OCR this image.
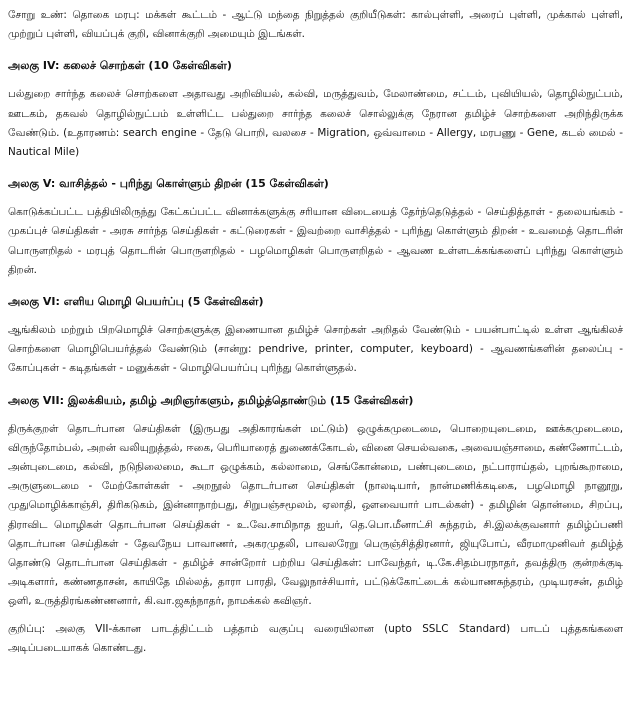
சோறு உண்: தொகை மரபு: மக்கள் கூட்டம் - ஆட்டு மந்தை நிறுத்தல் குறியீடுகள்: கால்புள்ளி, அரைப் புள்ளி, முக்கால் புள்ளி, முற்றுப் புள்ளி, வியப்புக் குறி, வினாக்குறி அமையும் இடங்கள்.

அலகு IV: கலைச் சொற்கள் (10 கேள்விகள்)

பல்துறை சார்ந்த கலைச் சொற்களை அதாவது அறிவியல், கல்வி, மருத்துவம், மேலாண்மை, சட்டம், புவியியல், தொழில்நுட்பம், ஊடகம், தகவல் தொழில்நுட்பம் உள்ளிட்ட பல்துறை சார்ந்த கலைச் சொல்லுக்கு நேரான தமிழ்ச் சொற்களை அறிந்திருக்க வேண்டும். (உதாரணம்: search engine - தேடு பொறி, வலசை - Migration, ஒவ்வாமை - Allergy, மரபணு - Gene, கடல் மைல் - Nautical Mile)

அலகு V: வாசித்தல் - புரிந்து கொள்ளும் திறன் (15 கேள்விகள்)

கொடுக்கப்பட்ட பத்தியிலிருந்து கேட்கப்பட்ட வினாக்களுக்கு சரியான விடையைத் தேர்ந்தெடுத்தல் - செய்தித்தாள் - தலையங்கம் - முகப்புச் செய்திகள் - அரசு சார்ந்த செய்திகள் - கட்டுரைகள் - இவற்றை வாசித்தல் - புரிந்து கொள்ளும் திறன் - உவமைத் தொடரின் பொருளறிதல் - மரபுத் தொடரின் பொருளறிதல் - பழமொழிகள் பொருளறிதல் - ஆவண உள்ளடக்கங்களைப் புரிந்து கொள்ளும் திறன்.

அலகு VI: எளிய மொழி பெயர்ப்பு (5 கேள்விகள்)

ஆங்கிலம் மற்றும் பிறமொழிச் சொற்களுக்கு இணையான தமிழ்ச் சொற்கள் அறிதல் வேண்டும் - பயன்பாட்டில் உள்ள ஆங்கிலச் சொற்களை மொழிபெயர்த்தல் வேண்டும் (சான்று: pendrive, printer, computer, keyboard) - ஆவணங்களின் தலைப்பு - கோப்புகள் - கடிதங்கள் - மனுக்கள் - மொழிபெயர்ப்பு புரிந்து கொள்ளுதல்.

அலகு VII: இலக்கியம், தமிழ் அறிஞர்களும், தமிழ்த்தொண்டும் (15 கேள்விகள்)

திருக்குறள் தொடர்பான செய்திகள் (இருபது அதிகாரங்கள் மட்டும்) ஒழுக்கமுடைமை, பொறையுடைமை, ஊக்கமுடைமை, விருந்தோம்பல், அறன் வலியுறுத்தல், ஈகை, பெரியாரைத் துணைக்கோடல், வினை செயல்வகை, அவையஞ்சாமை, கண்ணோட்டம், அன்புடைமை, கல்வி, நடுநிலைமை, கூடா ஒழுக்கம், கல்லாமை, செங்கோன்மை, பண்புடைமை, நட்பாராய்தல், புறங்கூறாமை, அருளுடைமை - மேற்கோள்கள் - அறநூல் தொடர்பான செய்திகள் (நாலடியார், நான்மணிக்கடிகை, பழமொழி நானூறு, முதுமொழிக்காஞ்சி, திரிகடுகம், இன்னாநாற்பது, சிறுபஞ்சமூலம், ஏலாதி, ஔவையார் பாடல்கள்) - தமிழின் தொன்மை, சிறப்பு, திராவிட மொழிகள் தொடர்பான செய்திகள் - உ.வே.சாமிநாத ஐயர், தெ.பொ.மீனாட்சி சுந்தரம், சி.இலக்குவனார் தமிழ்ப்பணி தொடர்பான செய்திகள் - தேவநேய பாவாணர், அகரமுதலி, பாவலரேறு பெருஞ்சித்திரனார், ஜியுபோப், வீரமாமுனிவர் தமிழ்த் தொண்டு தொடர்பான செய்திகள் - தமிழ்ச் சான்றோர் பற்றிய செய்திகள்: பாவேந்தர், டி.கே.சிதம்பரநாதர், தவத்திரு குன்றக்குடி அடிகளார், கண்ணதாசன், காயிதே மில்லத், தாரா பாரதி, வேலுநாச்சியார், பட்டுக்கோட்டைக் கல்யாணசுந்தரம், முடியரசன், தமிழ் ஒளி, உருத்திரங்கண்ணனார், கி.வா.ஜகந்நாதர், நாமக்கல் கவிஞர்.

குறிப்பு: அலகு VII-க்கான பாடத்திட்டம் பத்தாம் வகுப்பு வரையிலான (upto SSLC Standard) பாடப் புத்தகங்களை அடிப்படையாகக் கொண்டது.
